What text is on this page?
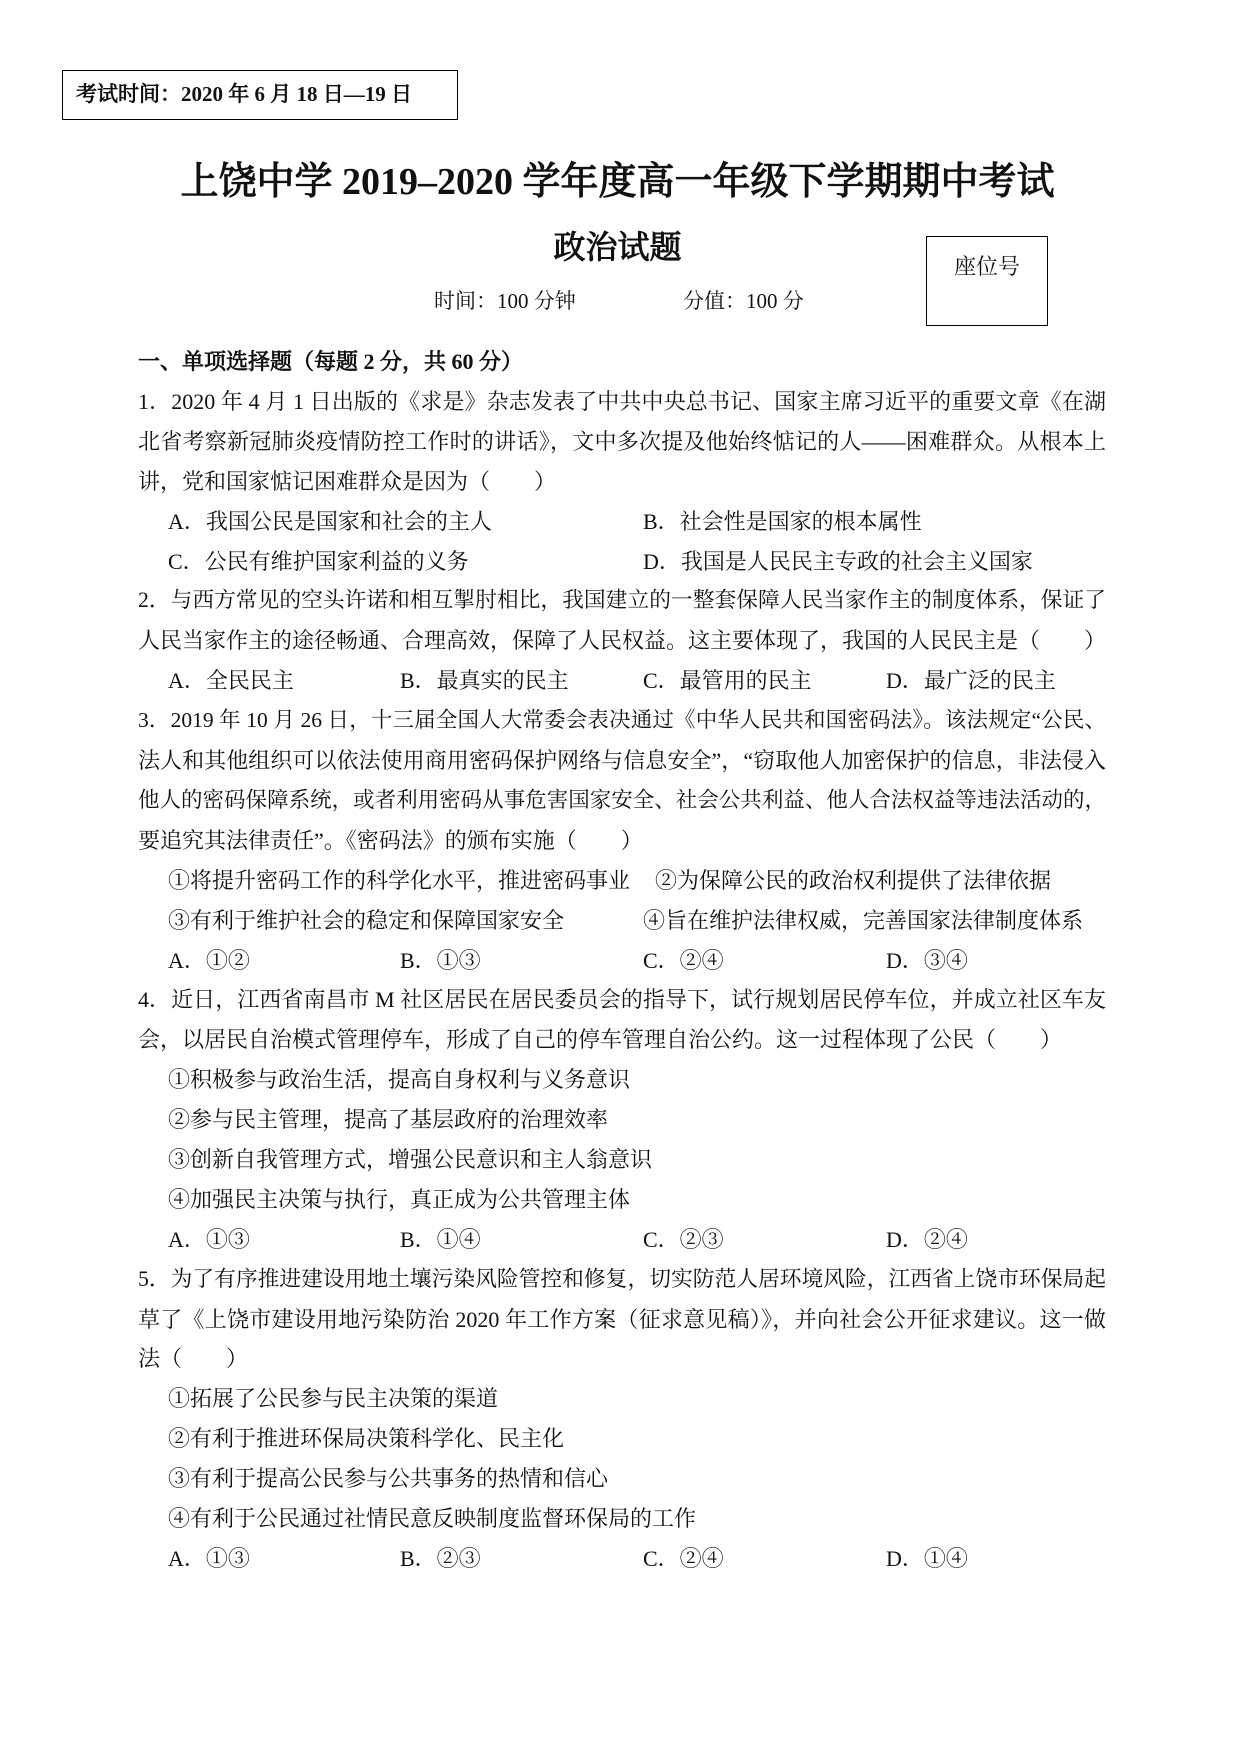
考试时间：2020 年 6 月 18 日—19 日
上饶中学 2019–2020 学年度高一年级下学期期中考试
政治试题
座位号
时间：100 分钟	分值：100 分
一、单项选择题（每题 2 分，共 60 分）
1．2020 年 4 月 1 日出版的《求是》杂志发表了中共中央总书记、国家主席习近平的重要文章《在湖
北省考察新冠肺炎疫情防控工作时的讲话》，文中多次提及他始终惦记的人——困难群众。从根本上
讲，党和国家惦记困难群众是因为（　　）
A．我国公民是国家和社会的主人	B．社会性是国家的根本属性
C．公民有维护国家利益的义务	D．我国是人民民主专政的社会主义国家
2．与西方常见的空头许诺和相互掣肘相比，我国建立的一整套保障人民当家作主的制度体系，保证了
人民当家作主的途径畅通、合理高效，保障了人民权益。这主要体现了，我国的人民民主是（　　）
A．全民民主	B．最真实的民主	C．最管用的民主	D．最广泛的民主
3．2019 年 10 月 26 日，十三届全国人大常委会表决通过《中华人民共和国密码法》。该法规定“公民、
法人和其他组织可以依法使用商用密码保护网络与信息安全”，“窃取他人加密保护的信息，非法侵入
他人的密码保障系统，或者利用密码从事危害国家安全、社会公共利益、他人合法权益等违法活动的，
要追究其法律责任”。《密码法》的颁布实施（　　）
①将提升密码工作的科学化水平，推进密码事业 ②为保障公民的政治权利提供了法律依据
③有利于维护社会的稳定和保障国家安全	④旨在维护法律权威，完善国家法律制度体系
A．①②	B．①③	C．②④	D．③④
4．近日，江西省南昌市 M 社区居民在居民委员会的指导下，试行规划居民停车位，并成立社区车友
会，以居民自治模式管理停车，形成了自己的停车管理自治公约。这一过程体现了公民（　　）
①积极参与政治生活，提高自身权利与义务意识
②参与民主管理，提高了基层政府的治理效率
③创新自我管理方式，增强公民意识和主人翁意识
④加强民主决策与执行，真正成为公共管理主体
A．①③	B．①④	C．②③	D．②④
5．为了有序推进建设用地土壤污染风险管控和修复，切实防范人居环境风险，江西省上饶市环保局起
草了《上饶市建设用地污染防治 2020 年工作方案（征求意见稿）》，并向社会公开征求建议。这一做
法（　　）
①拓展了公民参与民主决策的渠道
②有利于推进环保局决策科学化、民主化
③有利于提高公民参与公共事务的热情和信心
④有利于公民通过社情民意反映制度监督环保局的工作
A．①③	B．②③	C．②④	D．①④
